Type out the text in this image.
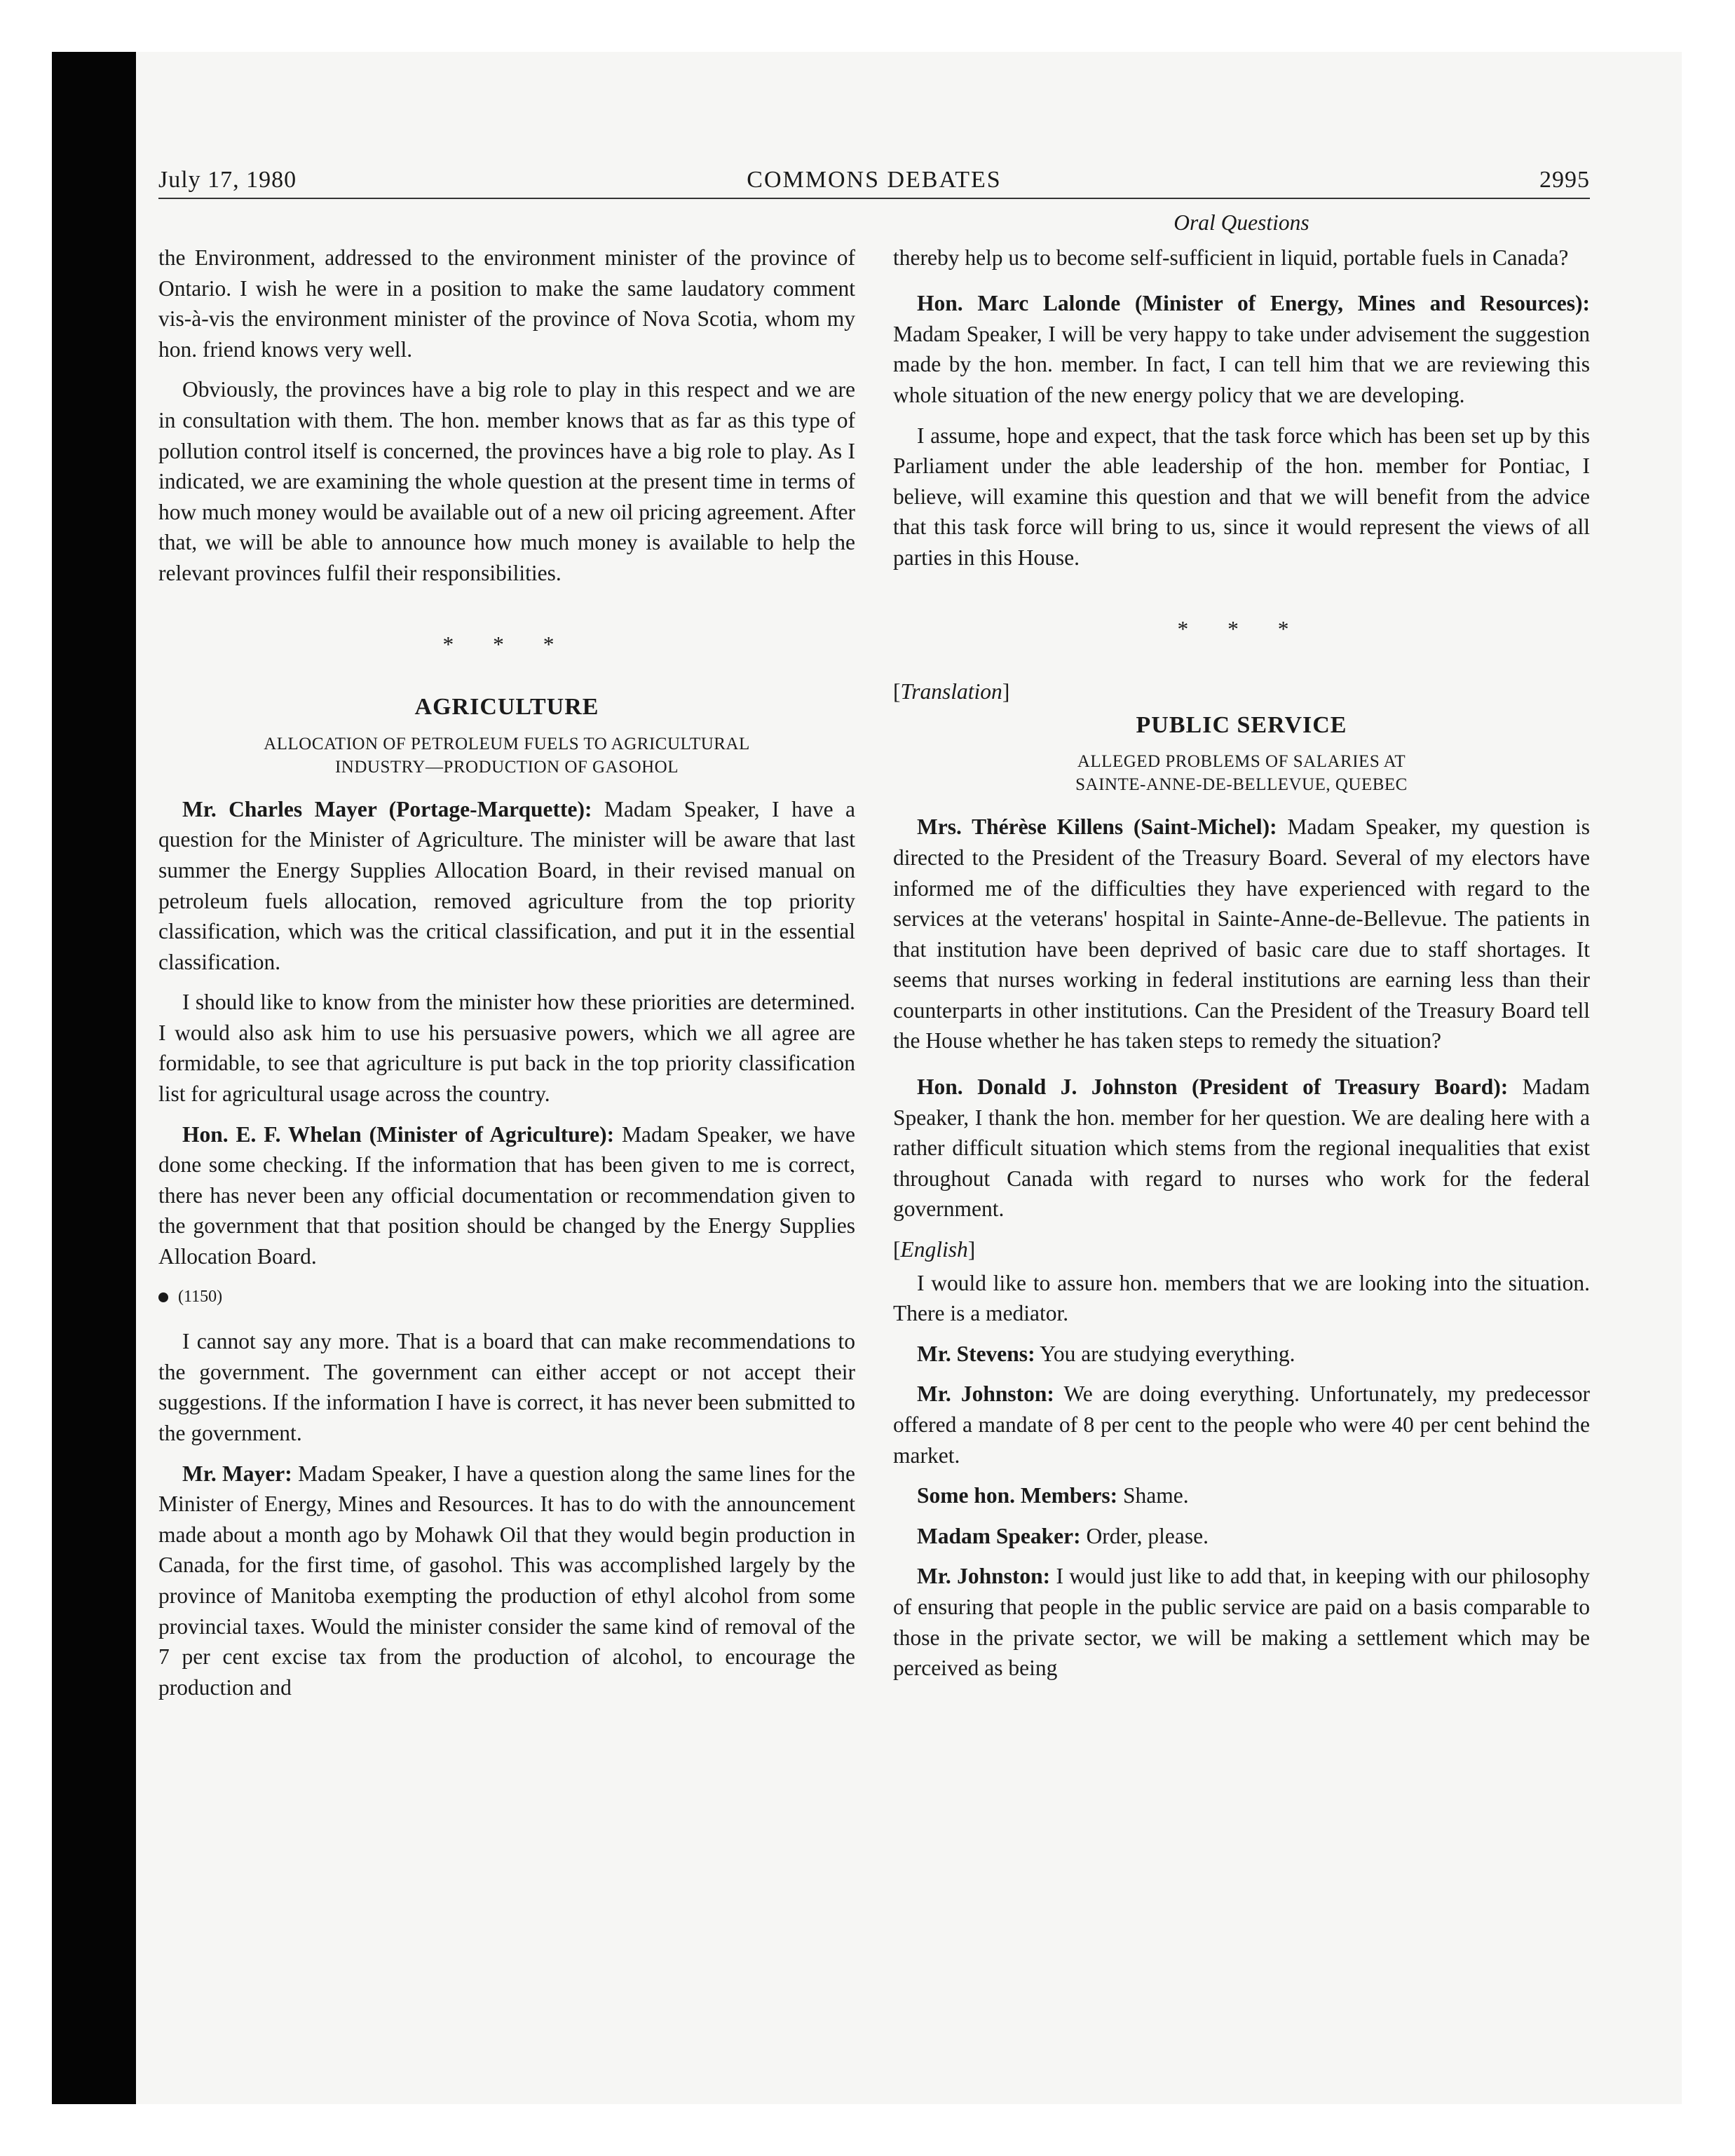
July 17, 1980	COMMONS DEBATES	2995

the Environment, addressed to the environment minister of the province of Ontario. I wish he were in a position to make the same laudatory comment vis-à-vis the environment minister of the province of Nova Scotia, whom my hon. friend knows very well.

Obviously, the provinces have a big role to play in this respect and we are in consultation with them. The hon. member knows that as far as this type of pollution control itself is concerned, the provinces have a big role to play. As I indicated, we are examining the whole question at the present time in terms of how much money would be available out of a new oil pricing agreement. After that, we will be able to announce how much money is available to help the relevant provinces fulfil their responsibilities.

* * *
AGRICULTURE
ALLOCATION OF PETROLEUM FUELS TO AGRICULTURAL
INDUSTRY—PRODUCTION OF GASOHOL

Mr. Charles Mayer (Portage-Marquette): Madam Speaker, I have a question for the Minister of Agriculture. The minister will be aware that last summer the Energy Supplies Allocation Board, in their revised manual on petroleum fuels allocation, removed agriculture from the top priority classification, which was the critical classification, and put it in the essential classification.

I should like to know from the minister how these priorities are determined. I would also ask him to use his persuasive powers, which we all agree are formidable, to see that agriculture is put back in the top priority classification list for agricultural usage across the country.

Hon. E. F. Whelan (Minister of Agriculture): Madam Speaker, we have done some checking. If the information that has been given to me is correct, there has never been any official documentation or recommendation given to the government that that position should be changed by the Energy Supplies Allocation Board.

(1150)

I cannot say any more. That is a board that can make recommendations to the government. The government can either accept or not accept their suggestions. If the information I have is correct, it has never been submitted to the government.

Mr. Mayer: Madam Speaker, I have a question along the same lines for the Minister of Energy, Mines and Resources. It has to do with the announcement made about a month ago by Mohawk Oil that they would begin production in Canada, for the first time, of gasohol. This was accomplished largely by the province of Manitoba exempting the production of ethyl alcohol from some provincial taxes. Would the minister consider the same kind of removal of the 7 per cent excise tax from the production of alcohol, to encourage the production and

Oral Questions

thereby help us to become self-sufficient in liquid, portable fuels in Canada?

Hon. Marc Lalonde (Minister of Energy, Mines and Resources): Madam Speaker, I will be very happy to take under advisement the suggestion made by the hon. member. In fact, I can tell him that we are reviewing this whole situation of the new energy policy that we are developing.

I assume, hope and expect, that the task force which has been set up by this Parliament under the able leadership of the hon. member for Pontiac, I believe, will examine this question and that we will benefit from the advice that this task force will bring to us, since it would represent the views of all parties in this House.

* * *
[ Translation ]
PUBLIC SERVICE
ALLEGED PROBLEMS OF SALARIES AT
SAINTE-ANNE-DE-BELLEVUE, QUEBEC

Mrs. Thérèse Killens (Saint-Michel): Madam Speaker, my question is directed to the President of the Treasury Board. Several of my electors have informed me of the difficulties they have experienced with regard to the services at the veterans' hospital in Sainte-Anne-de-Bellevue. The patients in that institution have been deprived of basic care due to staff shortages. It seems that nurses working in federal institutions are earning less than their counterparts in other institutions. Can the President of the Treasury Board tell the House whether he has taken steps to remedy the situation?

Hon. Donald J. Johnston (President of Treasury Board): Madam Speaker, I thank the hon. member for her question. We are dealing here with a rather difficult situation which stems from the regional inequalities that exist throughout Canada with regard to nurses who work for the federal government.

[ English ]

I would like to assure hon. members that we are looking into the situation. There is a mediator.

Mr. Stevens: You are studying everything.

Mr. Johnston: We are doing everything. Unfortunately, my predecessor offered a mandate of 8 per cent to the people who were 40 per cent behind the market.

Some hon. Members: Shame.

Madam Speaker: Order, please.

Mr. Johnston: I would just like to add that, in keeping with our philosophy of ensuring that people in the public service are paid on a basis comparable to those in the private sector, we will be making a settlement which may be perceived as being
